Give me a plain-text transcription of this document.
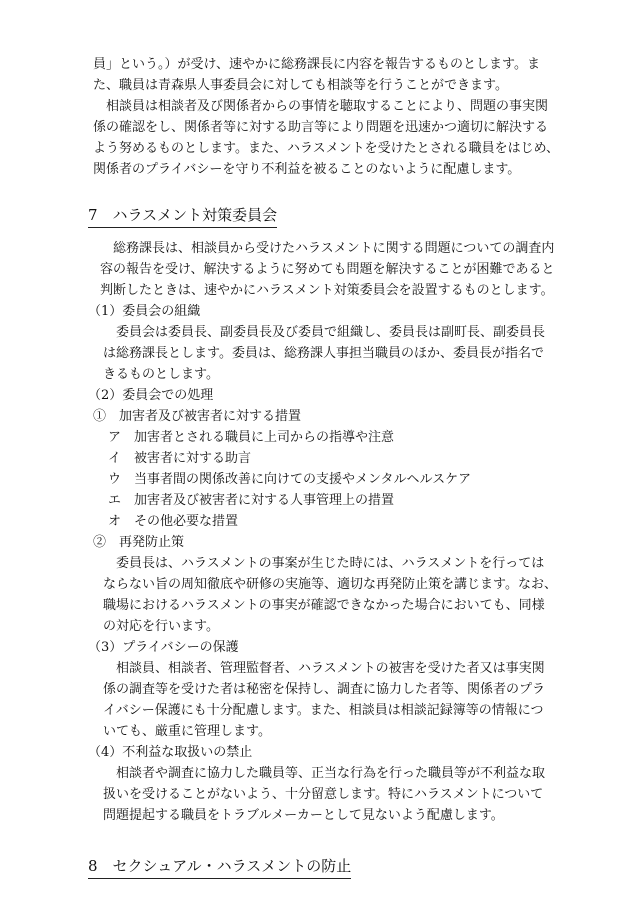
員」という。）が受け、速やかに総務課長に内容を報告するものとします。ま
た、職員は青森県人事委員会に対しても相談等を行うことができます。
相談員は相談者及び関係者からの事情を聴取することにより、問題の事実関
係の確認をし、関係者等に対する助言等により問題を迅速かつ適切に解決する
よう努めるものとします。また、ハラスメントを受けたとされる職員をはじめ、
関係者のプライバシーを守り不利益を被ることのないように配慮します。
7　ハラスメント対策委員会
総務課長は、相談員から受けたハラスメントに関する問題についての調査内
容の報告を受け、解決するように努めても問題を解決することが困難であると
判断したときは、速やかにハラスメント対策委員会を設置するものとします。
（1）委員会の組織
委員会は委員長、副委員長及び委員で組織し、委員長は副町長、副委員長
は総務課長とします。委員は、総務課人事担当職員のほか、委員長が指名で
きるものとします。
（2）委員会での処理
①　加害者及び被害者に対する措置
ア　加害者とされる職員に上司からの指導や注意
イ　被害者に対する助言
ウ　当事者間の関係改善に向けての支援やメンタルヘルスケア
エ　加害者及び被害者に対する人事管理上の措置
オ　その他必要な措置
②　再発防止策
委員長は、ハラスメントの事案が生じた時には、ハラスメントを行っては
ならない旨の周知徹底や研修の実施等、適切な再発防止策を講じます。なお、
職場におけるハラスメントの事実が確認できなかった場合においても、同様
の対応を行います。
（3）プライバシーの保護
相談員、相談者、管理監督者、ハラスメントの被害を受けた者又は事実関
係の調査等を受けた者は秘密を保持し、調査に協力した者等、関係者のプラ
イバシー保護にも十分配慮します。また、相談員は相談記録簿等の情報につ
いても、厳重に管理します。
（4）不利益な取扱いの禁止
相談者や調査に協力した職員等、正当な行為を行った職員等が不利益な取
扱いを受けることがないよう、十分留意します。特にハラスメントについて
問題提起する職員をトラブルメーカーとして見ないよう配慮します。
8　セクシュアル・ハラスメントの防止
